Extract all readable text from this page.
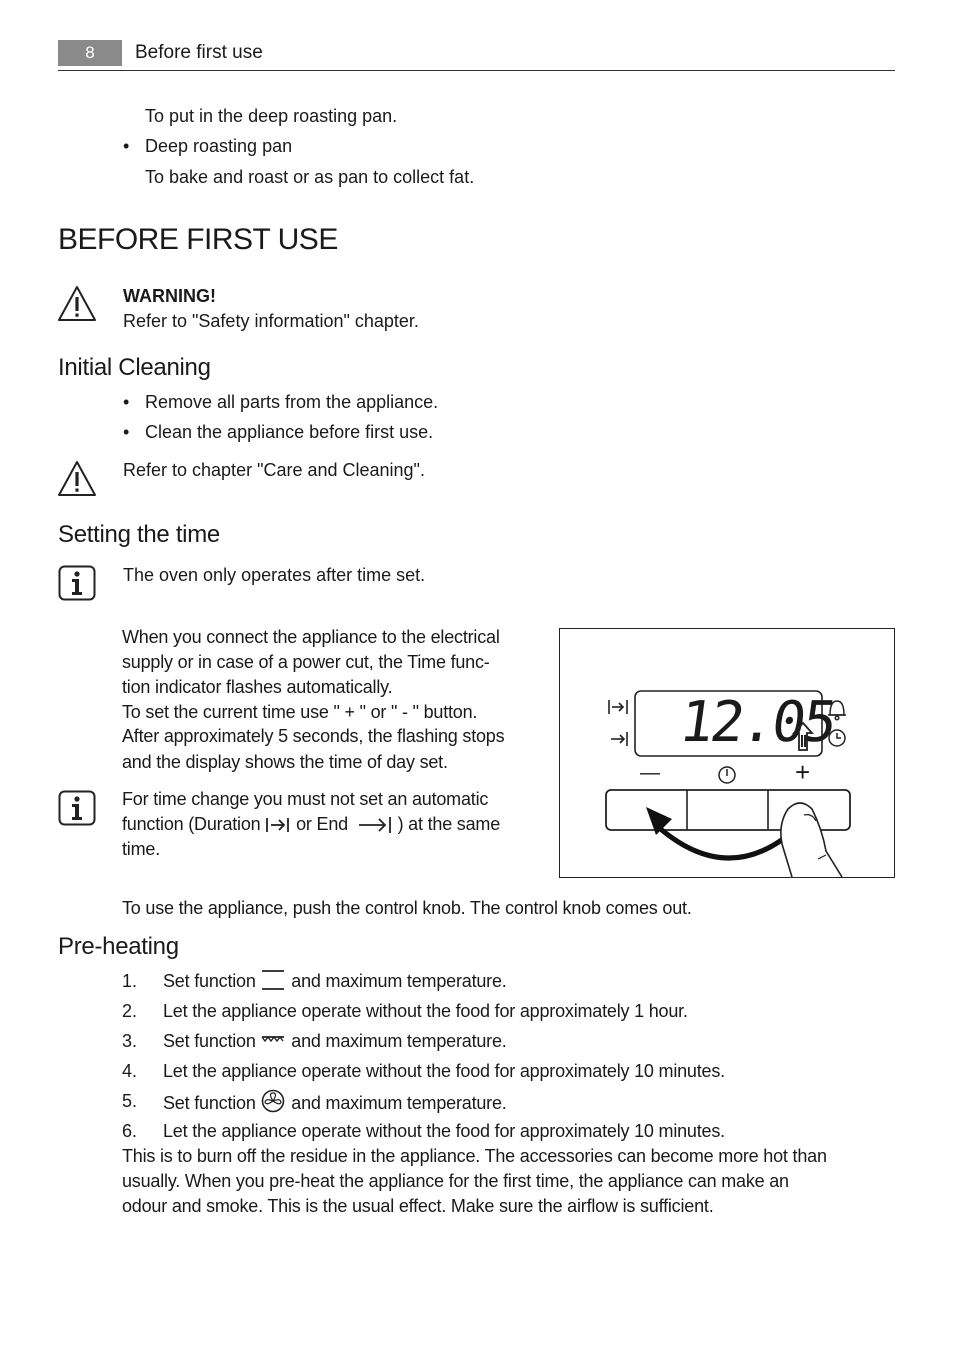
8	Before first use
To put in the deep roasting pan.
• Deep roasting pan
To bake and roast or as pan to collect fat.
BEFORE FIRST USE
WARNING!
Refer to "Safety information" chapter.
Initial Cleaning
• Remove all parts from the appliance.
• Clean the appliance before first use.
Refer to chapter "Care and Cleaning".
Setting the time
The oven only operates after time set.
When you connect the appliance to the electrical
supply or in case of a power cut, the Time func-
tion indicator flashes automatically.
To set the current time use " + " or " - " button.
After approximately 5 seconds, the flashing stops
and the display shows the time of day set.
For time change you must not set an automatic
function (Duration or End	) at the same
time.
12.05
—	+
To use the appliance, push the control knob. The control knob comes out.
Pre-heating
1. Set function and maximum temperature.
2. Let the appliance operate without the food for approximately 1 hour.
3. Set function and maximum temperature.
4. Let the appliance operate without the food for approximately 10 minutes.
5. Set function and maximum temperature.
6. Let the appliance operate without the food for approximately 10 minutes.
This is to burn off the residue in the appliance. The accessories can become more hot than
usually. When you pre-heat the appliance for the first time, the appliance can make an
odour and smoke. This is the usual effect. Make sure the airflow is sufficient.
